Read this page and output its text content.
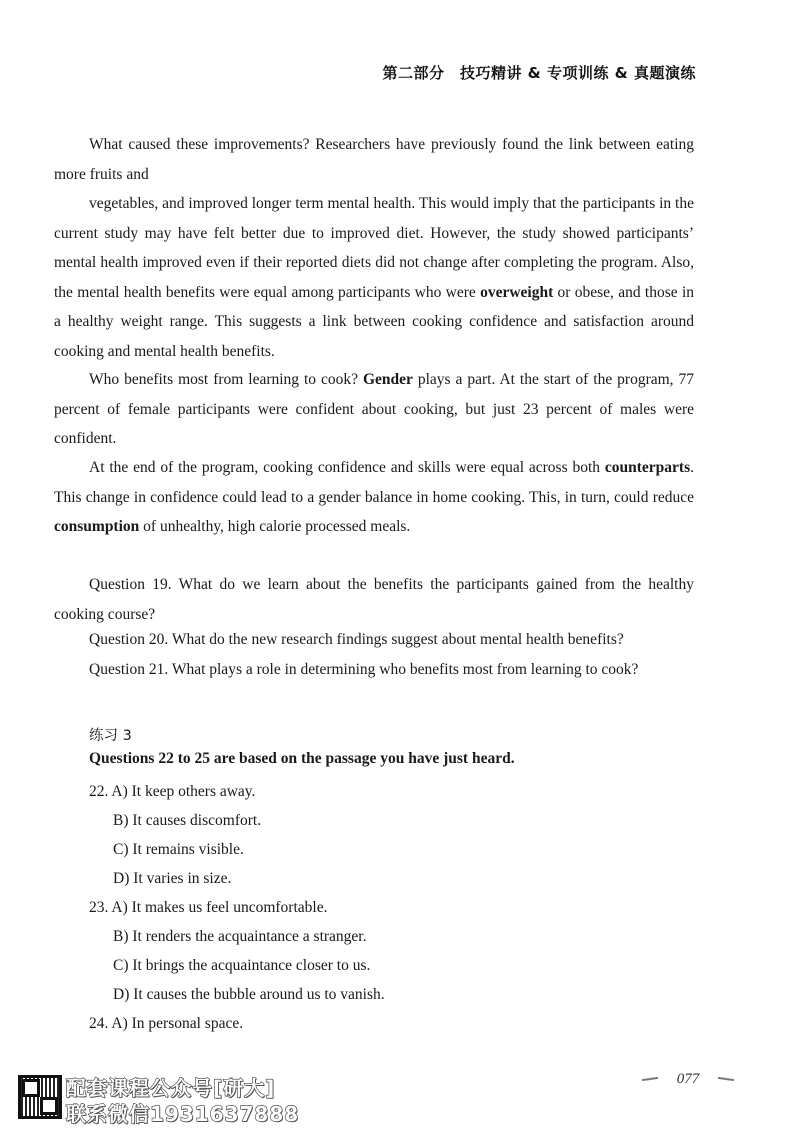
第二部分　技巧精讲 & 专项训练 & 真题演练

What caused these improvements? Researchers have previously found the link between eating more fruits and

vegetables, and improved longer term mental health. This would imply that the participants in the current study may have felt better due to improved diet. However, the study showed participants’ mental health improved even if their reported diets did not change after completing the program. Also, the mental health benefits were equal among participants who were overweight or obese, and those in a healthy weight range. This suggests a link between cooking confidence and satisfaction around cooking and mental health benefits.

Who benefits most from learning to cook? Gender plays a part. At the start of the program, 77 percent of female participants were confident about cooking, but just 23 percent of males were confident.

At the end of the program, cooking confidence and skills were equal across both counterparts. This change in confidence could lead to a gender balance in home cooking. This, in turn, could reduce consumption of unhealthy, high calorie processed meals.

Question 19. What do we learn about the benefits the participants gained from the healthy cooking course?

Question 20. What do the new research findings suggest about mental health benefits?

Question 21. What plays a role in determining who benefits most from learning to cook?

练习 3

Questions 22 to 25 are based on the passage you have just heard.

22. A) It keep others away.

B) It causes discomfort.

C) It remains visible.

D) It varies in size.

23. A) It makes us feel uncomfortable.

B) It renders the acquaintance a stranger.

C) It brings the acquaintance closer to us.

D) It causes the bubble around us to vanish.

24. A) In personal space.

配套课程公众号[研大]
联系微信1931637888
077
